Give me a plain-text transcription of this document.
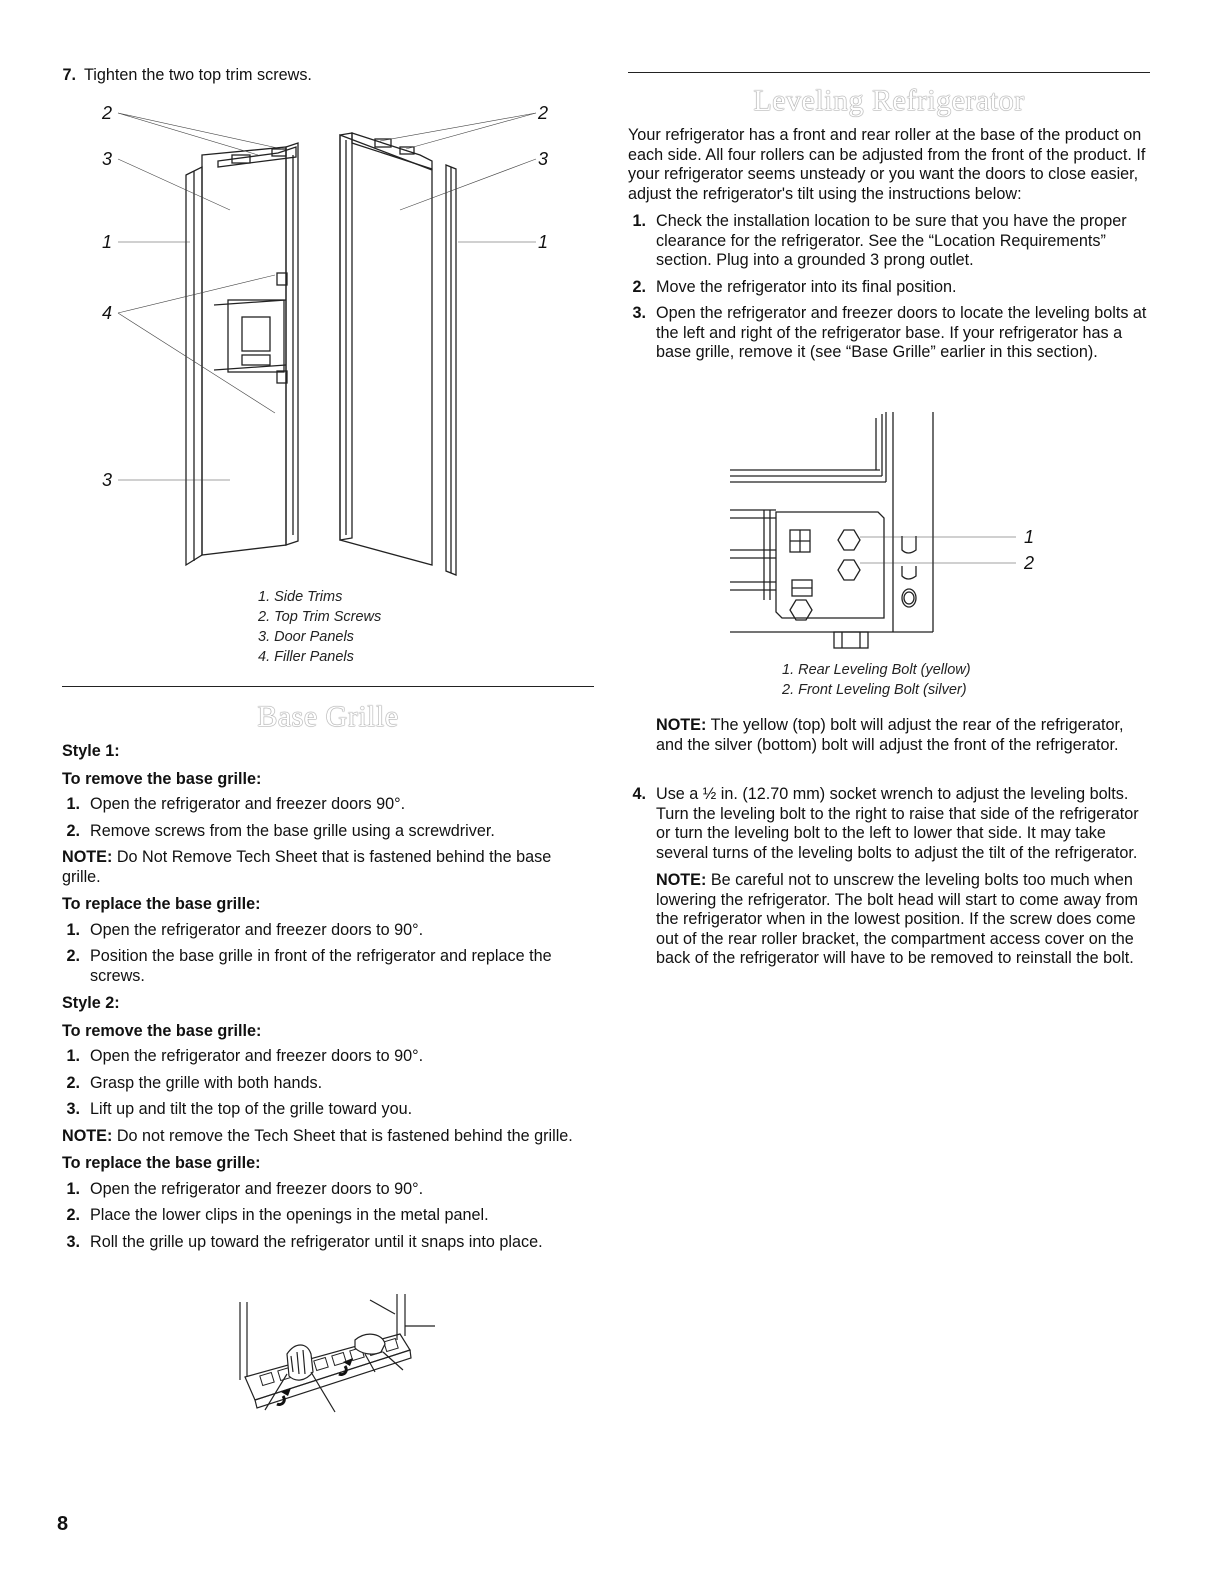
7. Tighten the two top trim screws.
2
3
1
4
3
2
3
1
1. Side Trims
2. Top Trim Screws
3. Door Panels
4. Filler Panels
Base Grille

Style 1:

To remove the base grille:

1. Open the refrigerator and freezer doors 90°.
2. Remove screws from the base grille using a screwdriver.

NOTE: Do Not Remove Tech Sheet that is fastened behind the base grille.

To replace the base grille:

1. Open the refrigerator and freezer doors to 90°.
2. Position the base grille in front of the refrigerator and replace the screws.

Style 2:

To remove the base grille:

1. Open the refrigerator and freezer doors to 90°.
2. Grasp the grille with both hands.
3. Lift up and tilt the top of the grille toward you.

NOTE: Do not remove the Tech Sheet that is fastened behind the grille.

To replace the base grille:

1. Open the refrigerator and freezer doors to 90°.
2. Place the lower clips in the openings in the metal panel.
3. Roll the grille up toward the refrigerator until it snaps into place.
Leveling Refrigerator

Your refrigerator has a front and rear roller at the base of the product on each side. All four rollers can be adjusted from the front of the product. If your refrigerator seems unsteady or you want the doors to close easier, adjust the refrigerator's tilt using the instructions below:

1. Check the installation location to be sure that you have the proper clearance for the refrigerator. See the “Location Requirements” section. Plug into a grounded 3 prong outlet.
2. Move the refrigerator into its final position.
3. Open the refrigerator and freezer doors to locate the leveling bolts at the left and right of the refrigerator base. If your refrigerator has a base grille, remove it (see “Base Grille” earlier in this section).
1
2
1. Rear Leveling Bolt (yellow)
2. Front Leveling Bolt (silver)

NOTE: The yellow (top) bolt will adjust the rear of the refrigerator, and the silver (bottom) bolt will adjust the front of the refrigerator.

4. Use a ½ in. (12.70 mm) socket wrench to adjust the leveling bolts. Turn the leveling bolt to the right to raise that side of the refrigerator or turn the leveling bolt to the left to lower that side. It may take several turns of the leveling bolts to adjust the tilt of the refrigerator.

NOTE: Be careful not to unscrew the leveling bolts too much when lowering the refrigerator. The bolt head will start to come away from the refrigerator when in the lowest position. If the screw does come out of the rear roller bracket, the compartment access cover on the back of the refrigerator will have to be removed to reinstall the bolt.

8
